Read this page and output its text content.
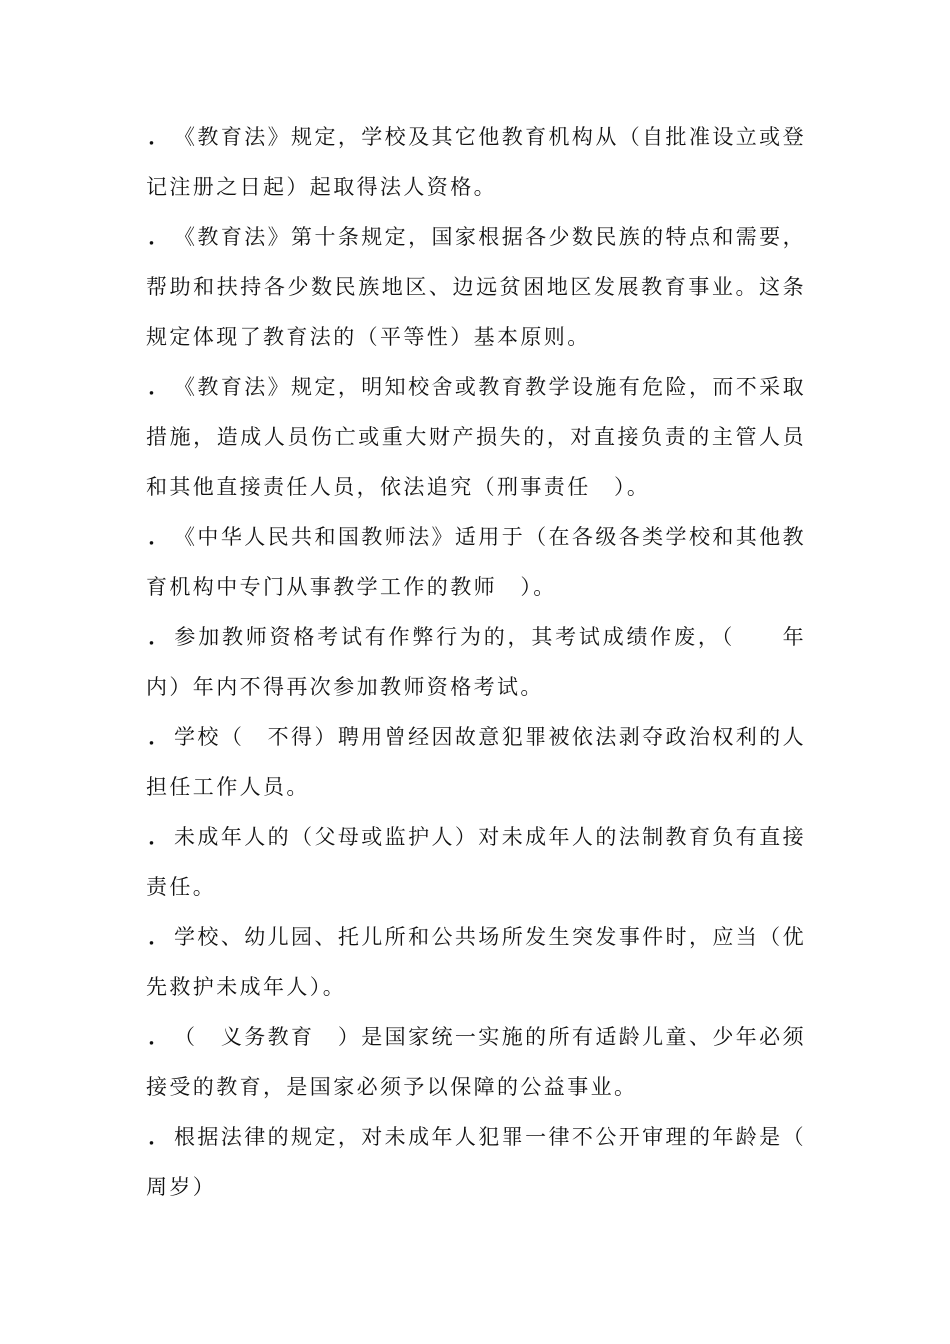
． 《教育法》规定，学校及其它他教育机构从（自批准设立或登记注册之日起）起取得法人资格。

． 《教育法》第十条规定，国家根据各少数民族的特点和需要，帮助和扶持各少数民族地区、边远贫困地区发展教育事业。这条规定体现了教育法的（平等性）基本原则。

． 《教育法》规定，明知校舍或教育教学设施有危险，而不采取措施，造成人员伤亡或重大财产损失的，对直接负责的主管人员和其他直接责任人员，依法追究（刑事责任　）。

． 《中华人民共和国教师法》适用于（在各级各类学校和其他教育机构中专门从事教学工作的教师　）。

． 参加教师资格考试有作弊行为的，其考试成绩作废，（　　年内）年内不得再次参加教师资格考试。

． 学校（　不得）聘用曾经因故意犯罪被依法剥夺政治权利的人担任工作人员。

． 未成年人的（父母或监护人）对未成年人的法制教育负有直接责任。

． 学校、幼儿园、托儿所和公共场所发生突发事件时，应当（优先救护未成年人）。

． （　义务教育　）是国家统一实施的所有适龄儿童、少年必须接受的教育，是国家必须予以保障的公益事业。

． 根据法律的规定，对未成年人犯罪一律不公开审理的年龄是（　　　周岁）
